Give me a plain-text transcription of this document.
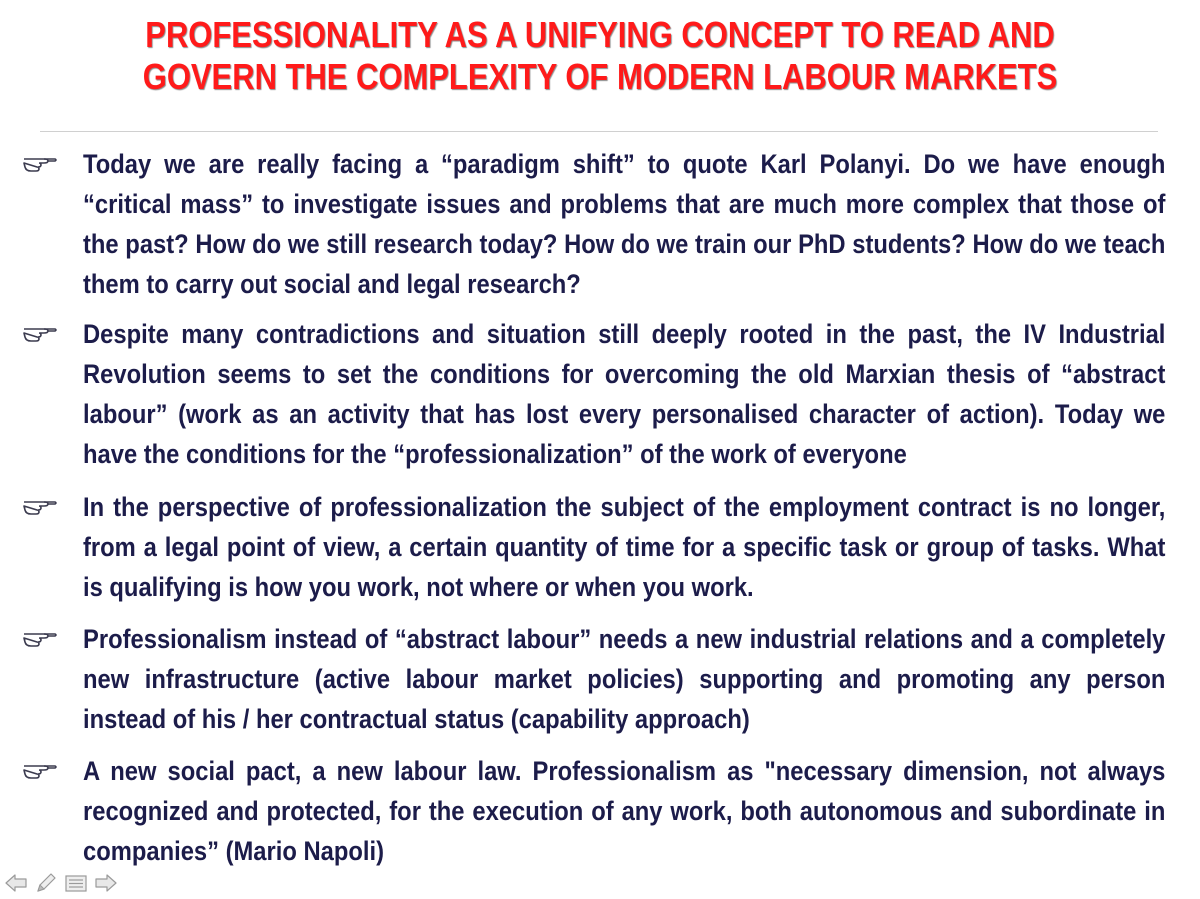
PROFESSIONALITY AS A UNIFYING CONCEPT TO READ AND
GOVERN THE COMPLEXITY OF MODERN LABOUR MARKETS
Today we are really facing a “paradigm shift” to quote Karl Polanyi. Do we have enough “critical mass” to investigate issues and problems that are much more complex that those of the past? How do we still research today? How do we train our PhD students? How do we teach them to carry out social and legal research?
Despite many contradictions and situation still deeply rooted in the past, the IV Industrial Revolution seems to set the conditions for overcoming the old Marxian thesis of “abstract labour” (work as an activity that has lost every personalised character of action). Today we have the conditions for the “professionalization” of the work of everyone
In the perspective of professionalization the subject of the employment contract is no longer, from a legal point of view, a certain quantity of time for a specific task or group of tasks. What is qualifying is how you work, not where or when you work.
Professionalism instead of “abstract labour” needs a new industrial relations and a completely new infrastructure (active labour market policies) supporting and promoting any person instead of his / her contractual status (capability approach)
A new social pact, a new labour law. Professionalism as "necessary dimension, not always recognized and protected, for the execution of any work, both autonomous and subordinate in companies” (Mario Napoli)
